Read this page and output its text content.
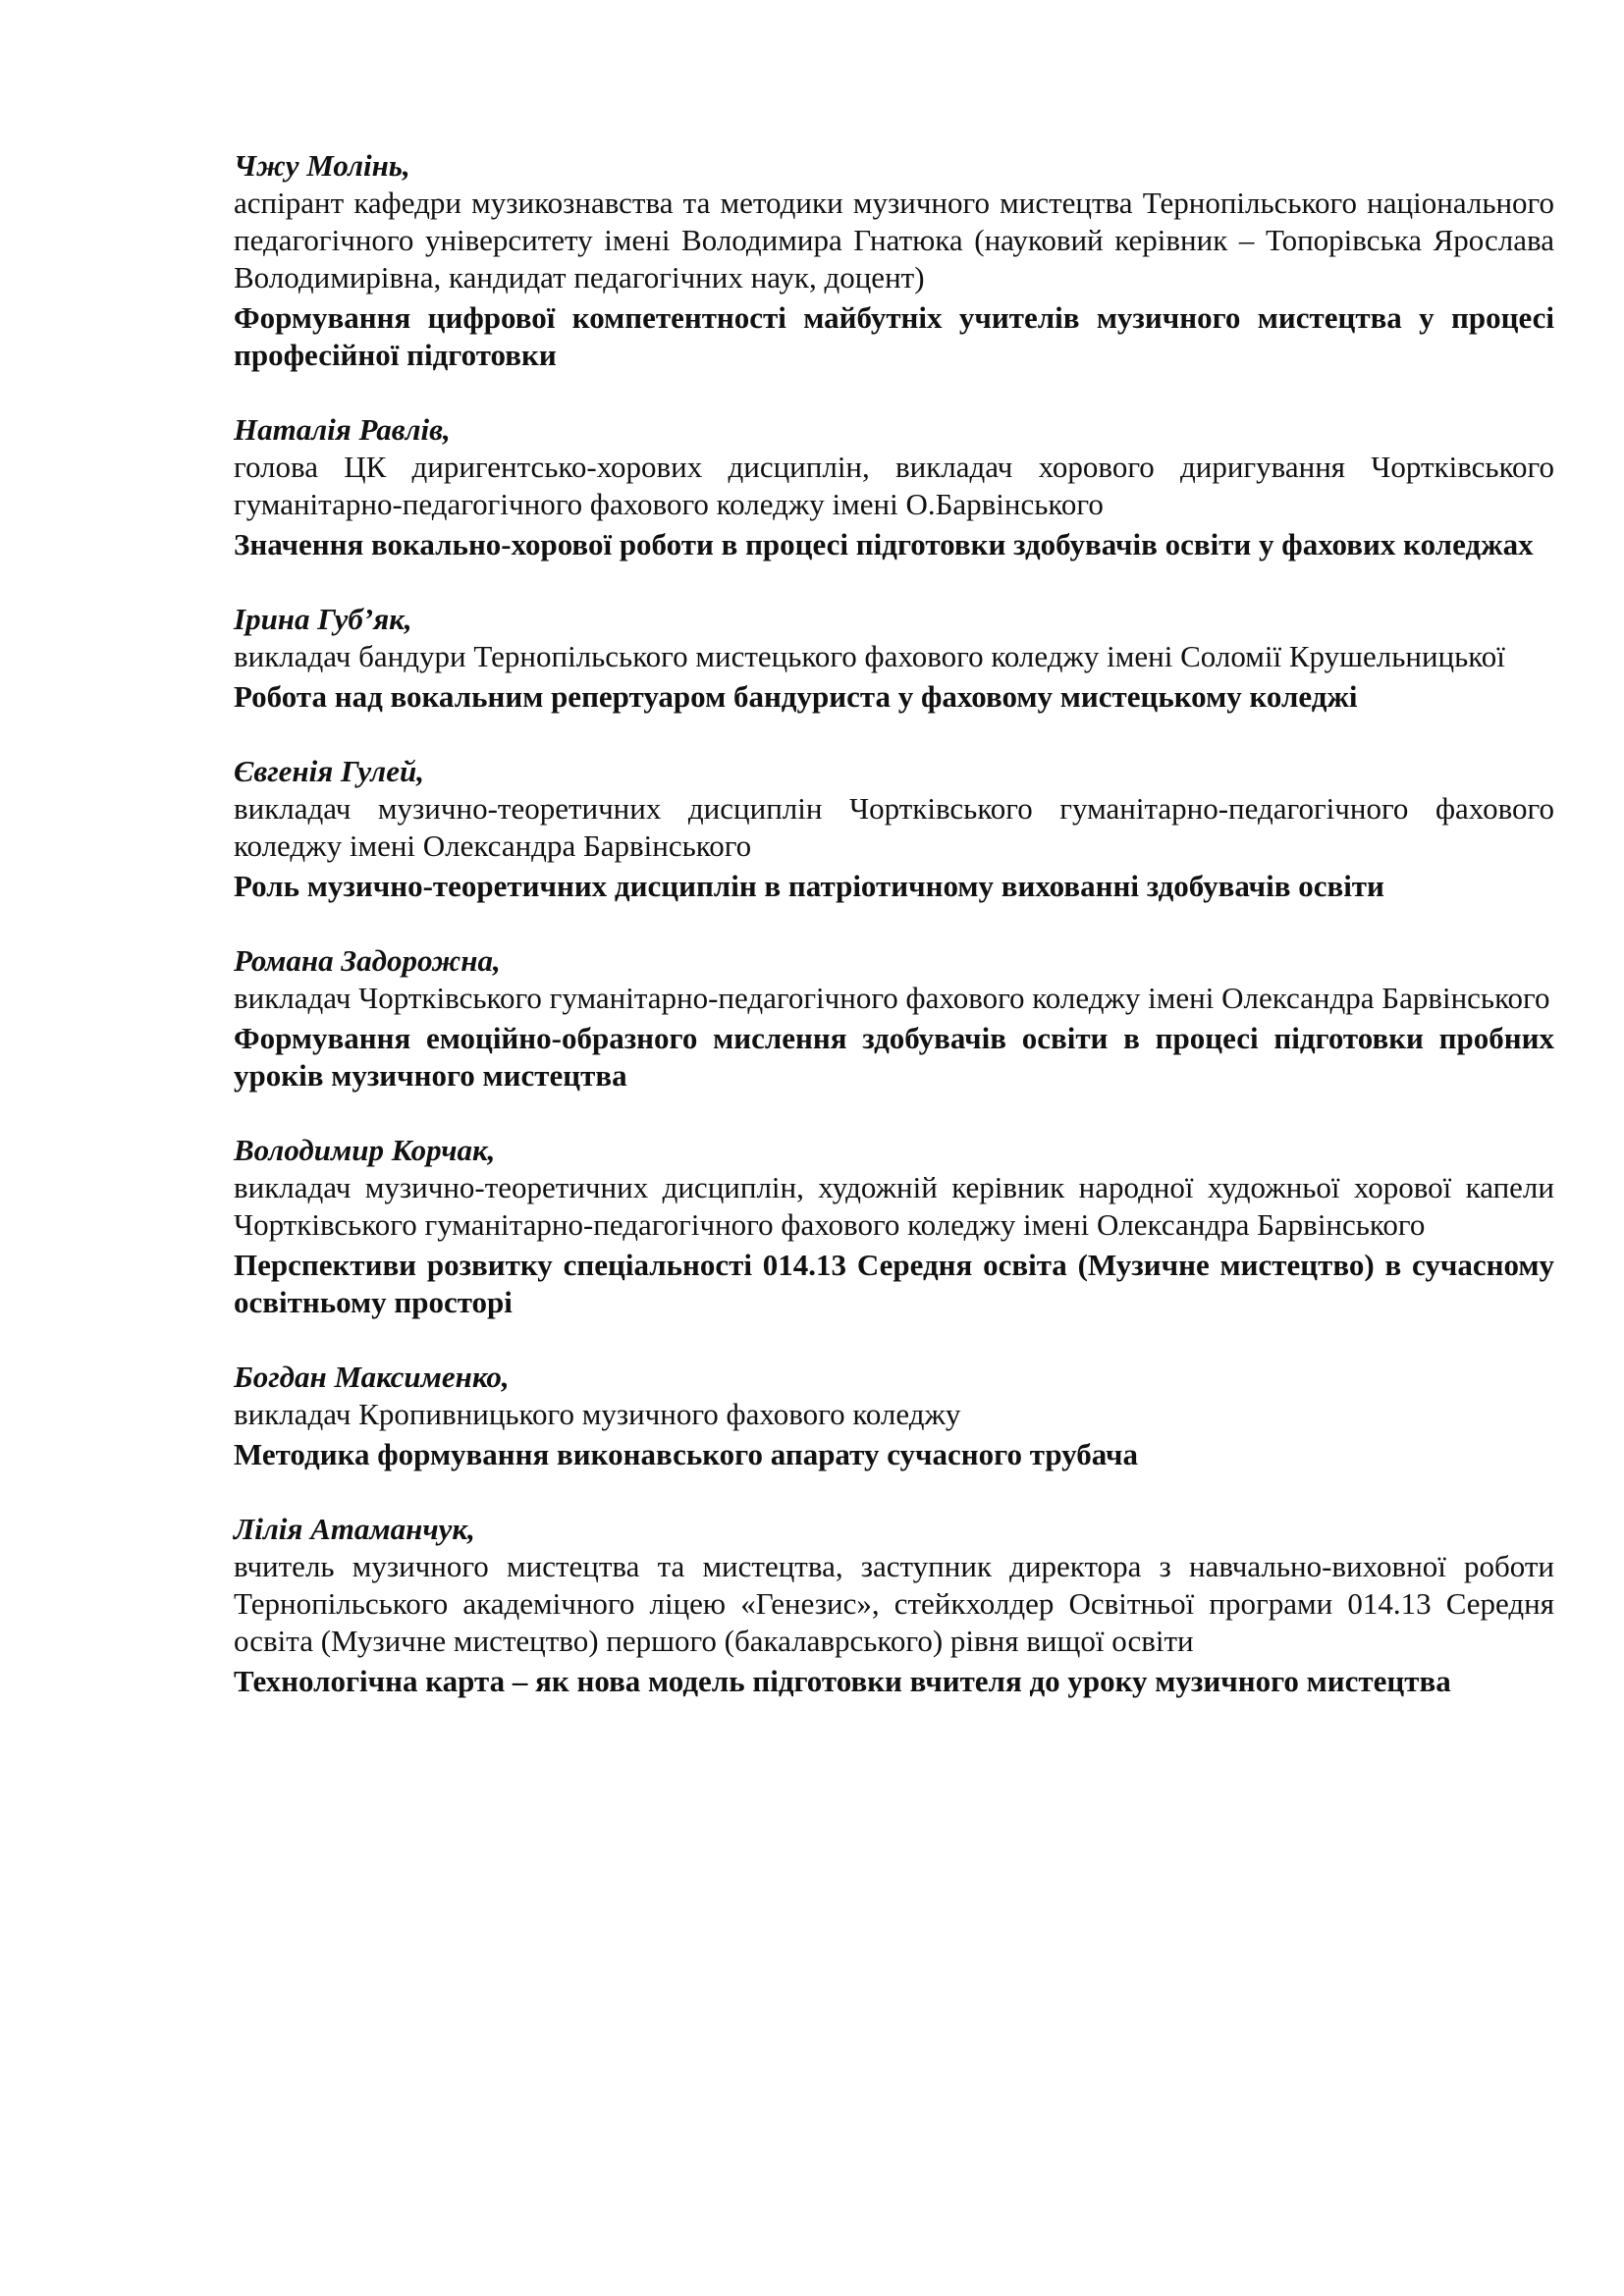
Чжу Молінь,
аспірант кафедри музикознавства та методики музичного мистецтва Тернопільського національного педагогічного університету імені Володимира Гнатюка (науковий керівник – Топорівська Ярослава Володимирівна, кандидат педагогічних наук, доцент)
Формування цифрової компетентності майбутніх учителів музичного мистецтва у процесі професійної підготовки
Наталія Равлів,
голова ЦК диригентсько-хорових дисциплін, викладач хорового диригування Чортківського гуманітарно-педагогічного фахового коледжу імені О.Барвінського
Значення вокально-хорової роботи в процесі підготовки здобувачів освіти у фахових коледжах
Ірина Губ’як,
викладач бандури Тернопільського мистецького фахового коледжу імені Соломії Крушельницької
Робота над вокальним репертуаром бандуриста у фаховому мистецькому коледжі
Євгенія Гулей,
викладач музично-теоретичних дисциплін Чортківського гуманітарно-педагогічного фахового коледжу імені Олександра Барвінського
Роль музично-теоретичних дисциплін в патріотичному вихованні здобувачів освіти
Романа Задорожна,
викладач Чортківського гуманітарно-педагогічного фахового коледжу імені Олександра Барвінського
Формування емоційно-образного мислення здобувачів освіти в процесі підготовки пробних уроків музичного мистецтва
Володимир Корчак,
викладач музично-теоретичних дисциплін, художній керівник народної художньої хорової капели Чортківського гуманітарно-педагогічного фахового коледжу імені Олександра Барвінського
Перспективи розвитку спеціальності 014.13 Середня освіта (Музичне мистецтво) в сучасному освітньому просторі
Богдан Максименко,
викладач Кропивницького музичного фахового коледжу
Методика формування виконавського апарату сучасного трубача
Лілія Атаманчук,
вчитель музичного мистецтва та мистецтва, заступник директора з навчально-виховної роботи Тернопільського академічного ліцею «Генезис», стейкхолдер Освітньої програми 014.13 Середня освіта (Музичне мистецтво) першого (бакалаврського) рівня вищої освіти
Технологічна карта – як нова модель підготовки вчителя до уроку музичного мистецтва
